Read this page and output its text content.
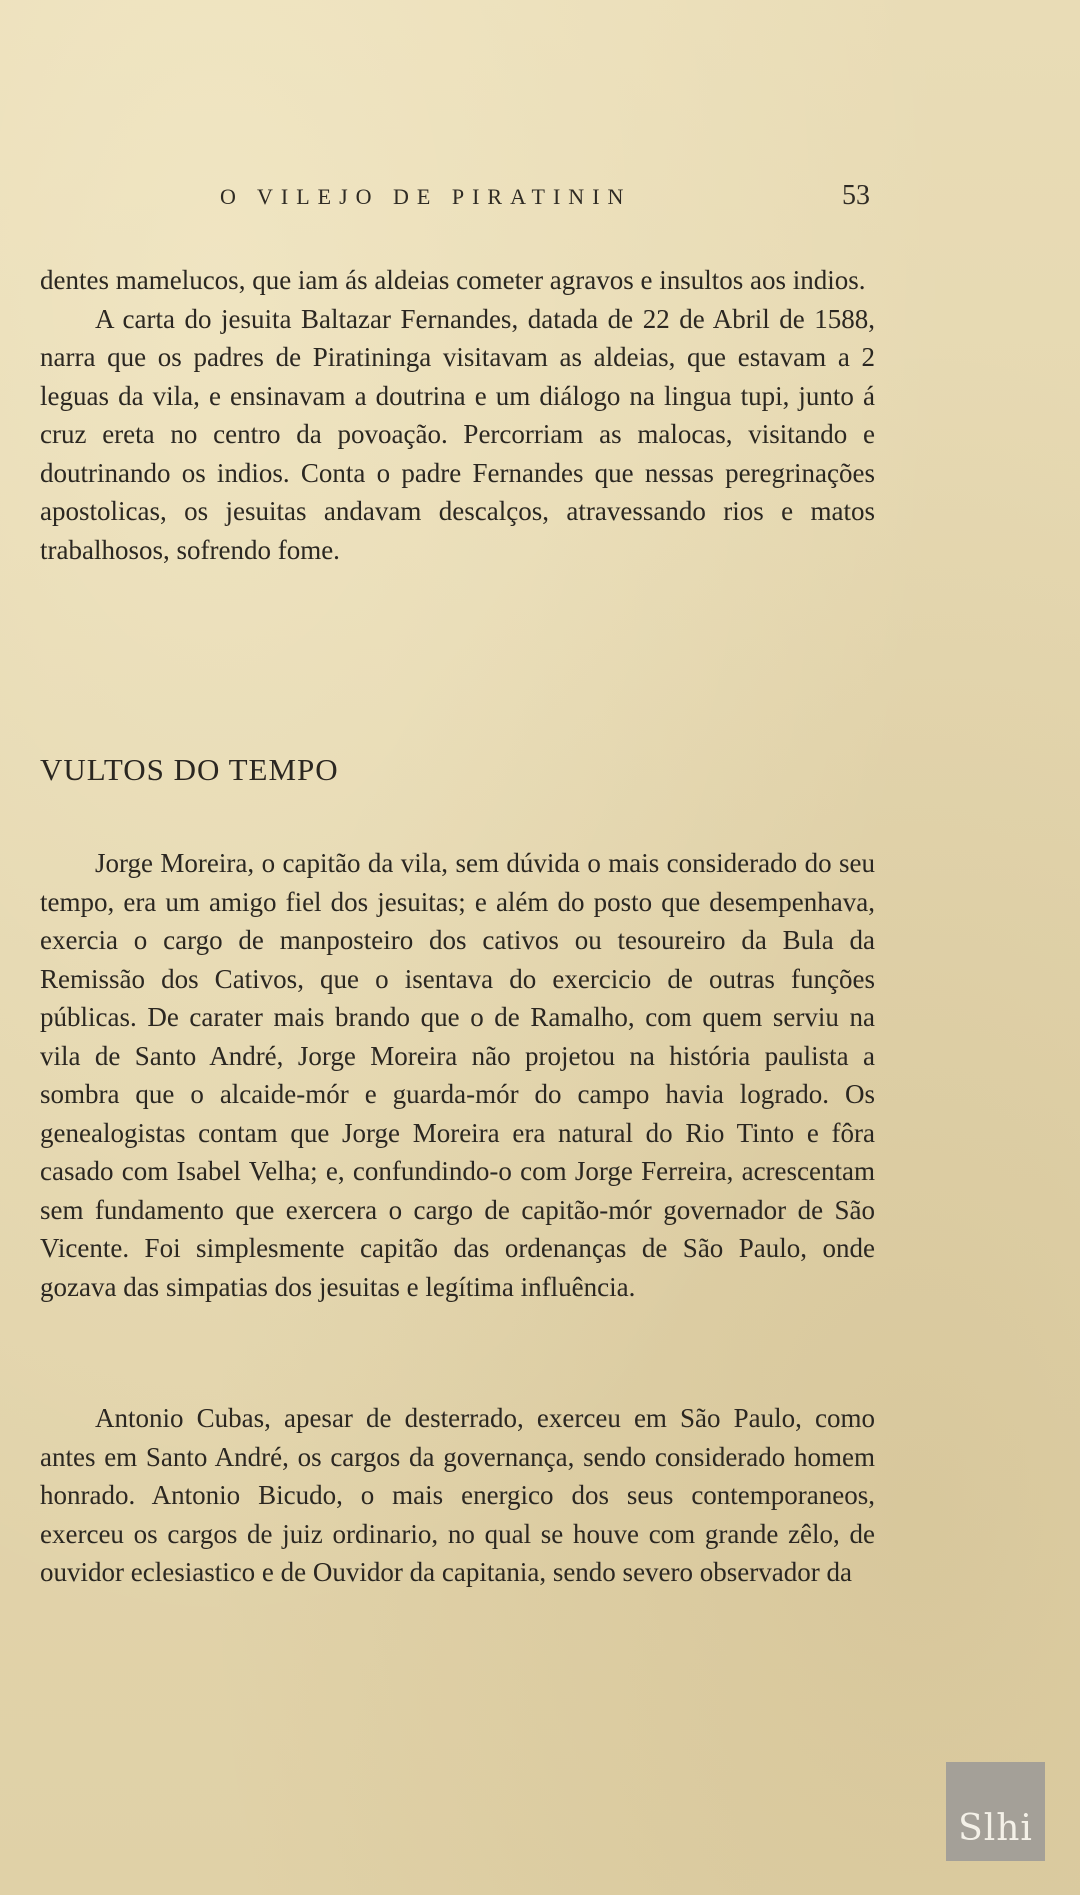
O VILEJO DE PIRATININ	53

dentes mamelucos, que iam ás aldeias cometer agravos e insultos aos indios.

A carta do jesuita Baltazar Fernandes, datada de 22 de Abril de 1588, narra que os padres de Piratininga visitavam as aldeias, que estavam a 2 leguas da vila, e ensinavam a doutrina e um diálogo na lingua tupi, junto á cruz ereta no centro da povoação. Percorriam as malocas, visitando e doutrinando os indios. Conta o padre Fernandes que nessas peregrinações apostolicas, os jesuitas andavam descalços, atravessando rios e matos trabalhosos, sofrendo fome.

VULTOS DO TEMPO

Jorge Moreira, o capitão da vila, sem dúvida o mais considerado do seu tempo, era um amigo fiel dos jesuitas; e além do posto que desempenhava, exercia o cargo de manposteiro dos cativos ou tesoureiro da Bula da Remissão dos Cativos, que o isentava do exercicio de outras funções públicas. De carater mais brando que o de Ramalho, com quem serviu na vila de Santo André, Jorge Moreira não projetou na história paulista a sombra que o alcaide-mór e guarda-mór do campo havia logrado. Os genealogistas contam que Jorge Moreira era natural do Rio Tinto e fôra casado com Isabel Velha; e, confundindo-o com Jorge Ferreira, acrescentam sem fundamento que exercera o cargo de capitão-mór governador de São Vicente. Foi simplesmente capitão das ordenanças de São Paulo, onde gozava das simpatias dos jesuitas e legítima influência.

Antonio Cubas, apesar de desterrado, exerceu em São Paulo, como antes em Santo André, os cargos da governança, sendo considerado homem honrado. Antonio Bicudo, o mais energico dos seus contemporaneos, exerceu os cargos de juiz ordinario, no qual se houve com grande zêlo, de ouvidor eclesiastico e de Ouvidor da capitania, sendo severo observador da

Slhi
